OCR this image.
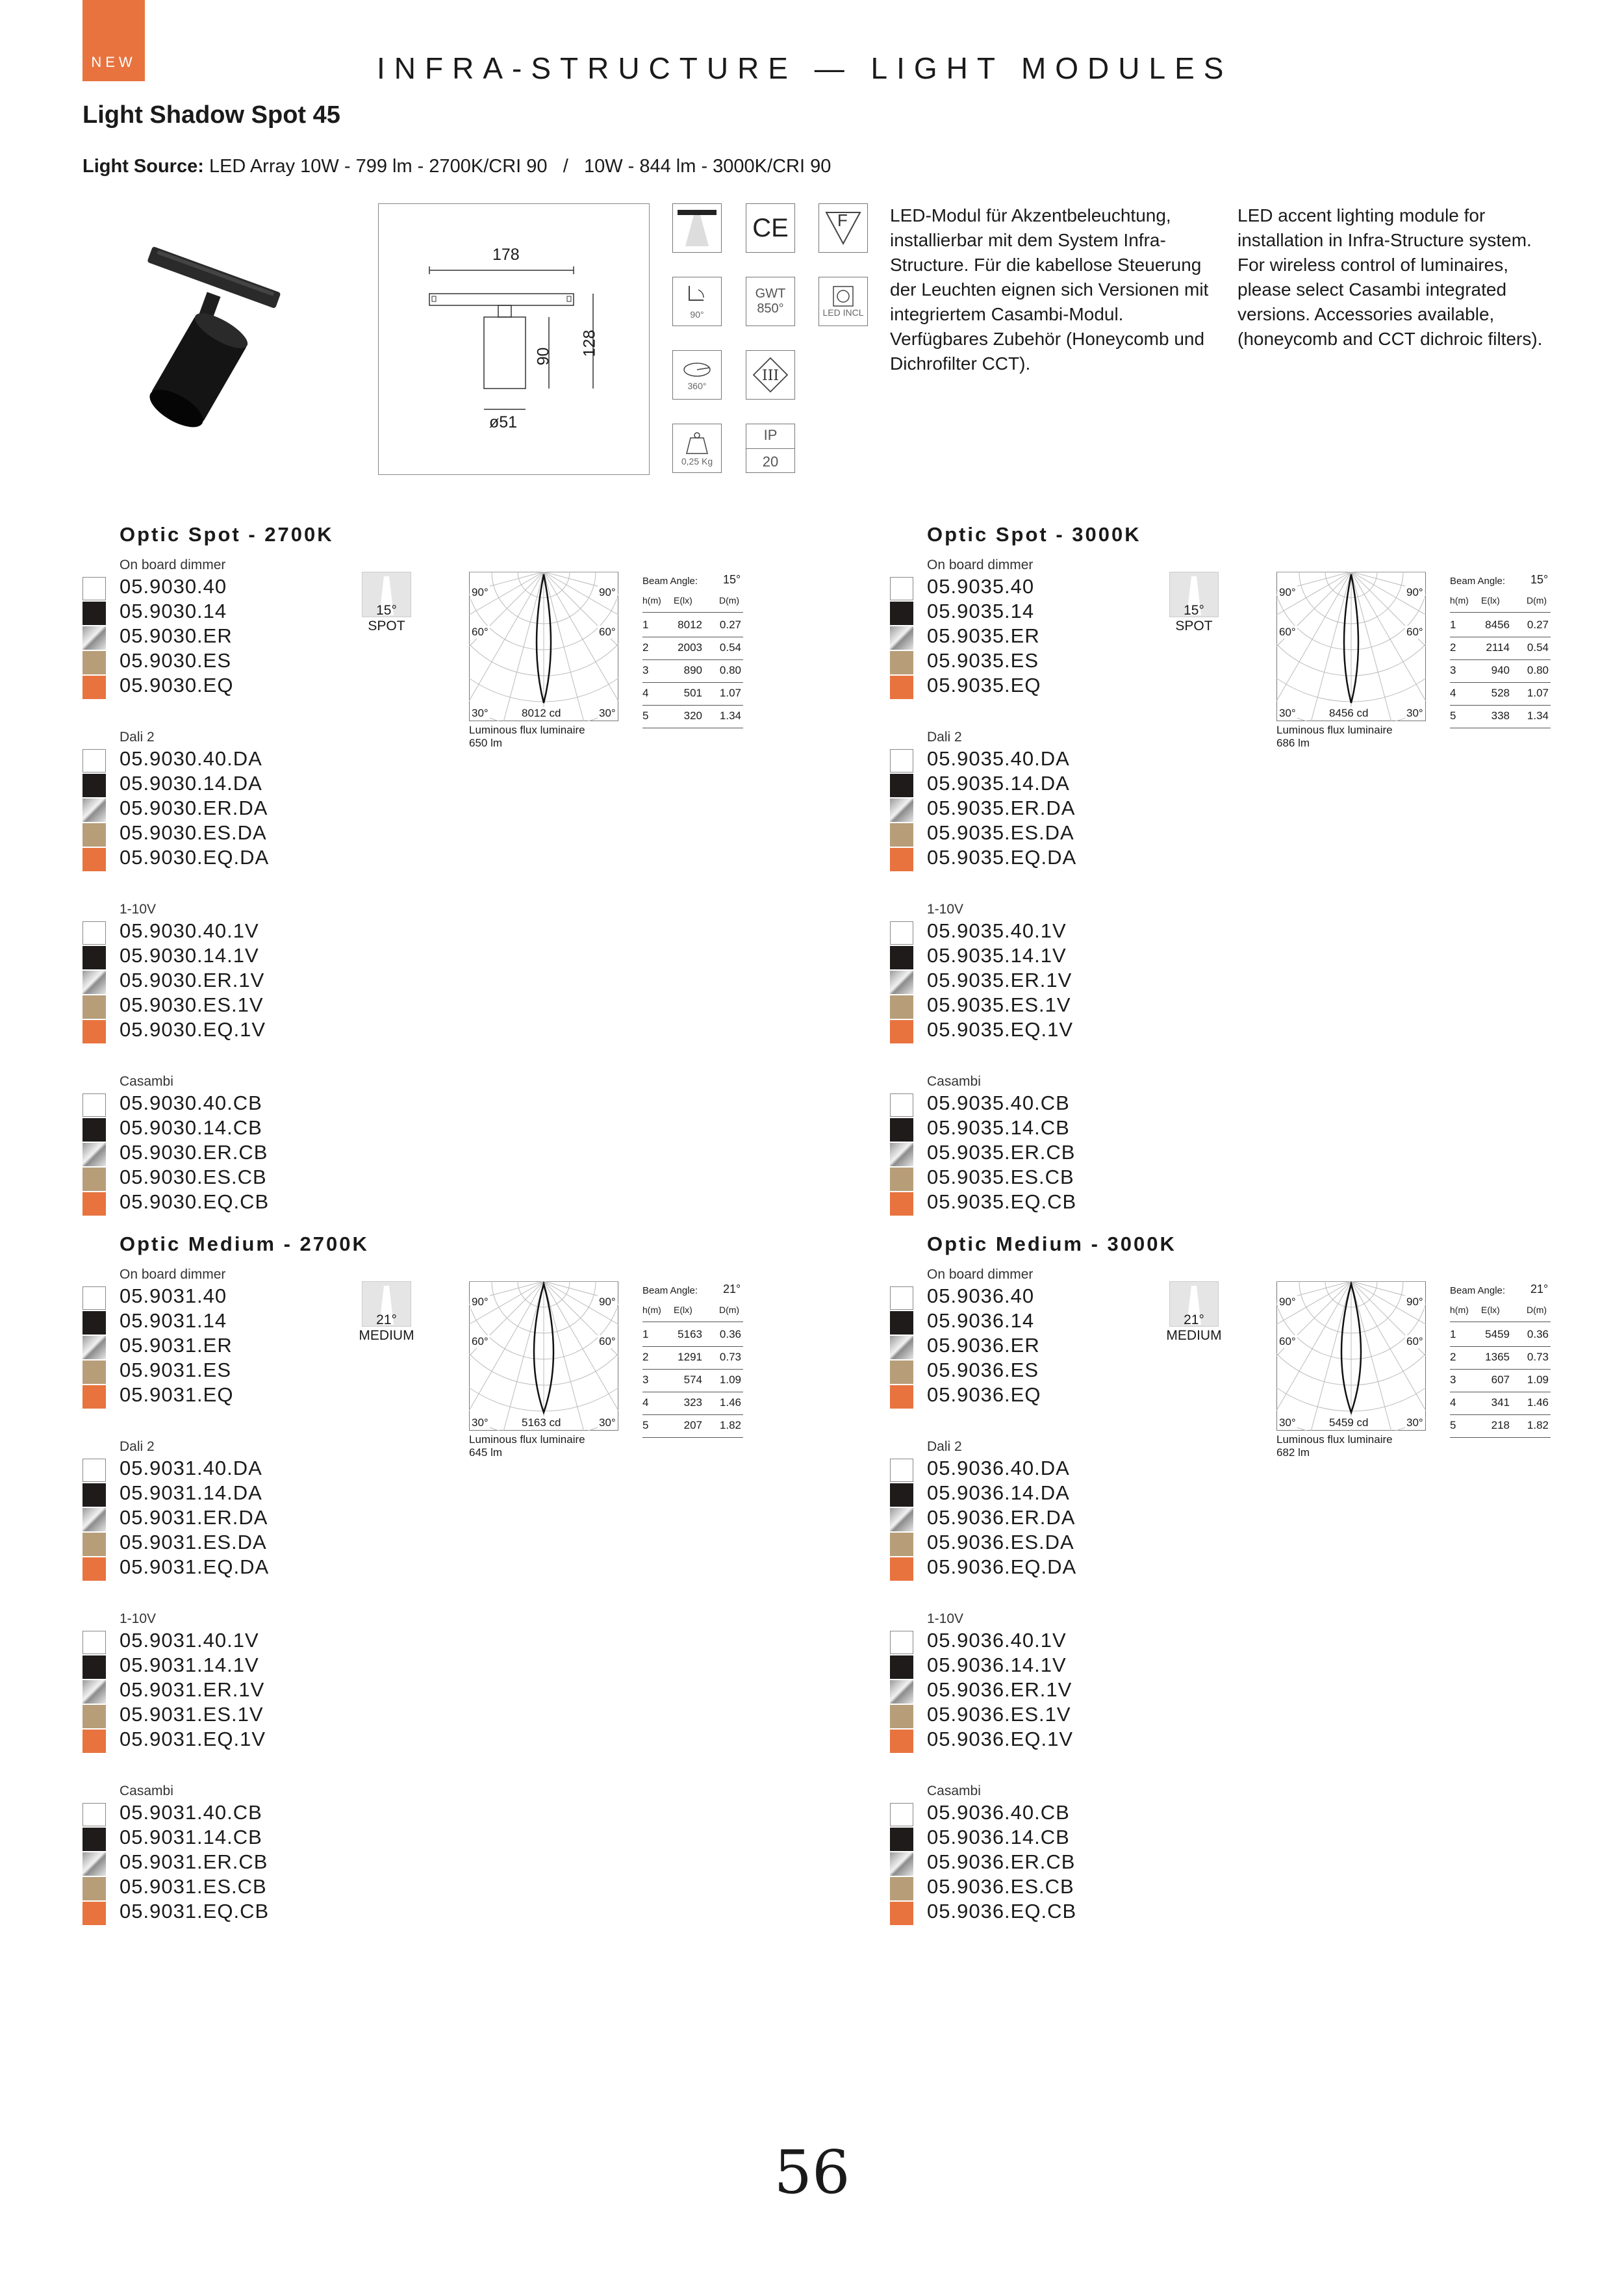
NEW	INFRA-STRUCTURE — LIGHT MODULES
Light Shadow Spot 45
Light Source: LED Array 10W - 799 lm - 2700K/CRI 90   /   10W - 844 lm - 3000K/CRI 90
178
128
90
ø51
CE	F
90°
GWT
850°	LED INCL
360°
III
0,25 Kg
IP
20
LED-Modul für Akzentbeleuchtung, installierbar mit dem System Infra-Structure. Für die kabellose Steuerung der Leuchten eignen sich Versionen mit integriertem Casambi-Modul. Verfügbares Zubehör (Honeycomb und Dichrofilter CCT).
LED accent lighting module for installation in Infra-Structure system. For wireless control of luminaires, please select Casambi integrated versions. Accessories available, (honeycomb and CCT dichroic filters).
Optic Spot - 2700K
On board dimmer
05.9030.40
05.9030.14
05.9030.ER
05.9030.ES
05.9030.EQ
Dali 2
05.9030.40.DA
05.9030.14.DA
05.9030.ER.DA
05.9030.ES.DA
05.9030.EQ.DA
1-10V
05.9030.40.1V
05.9030.14.1V
05.9030.ER.1V
05.9030.ES.1V
05.9030.EQ.1V
Casambi
05.9030.40.CB
05.9030.14.CB
05.9030.ER.CB
05.9030.ES.CB
05.9030.EQ.CB
15°
SPOT
90°	90°
60°	60°
30°	30°
8012 cd
Luminous flux luminaire
650 lm
Beam Angle: 15°
h(m) E(lx)	D(m)
1	8012	0.27
2	2003	0.54
3	890	0.80
4	501	1.07
5	320	1.34
Optic Spot - 3000K
On board dimmer
05.9035.40
05.9035.14
05.9035.ER
05.9035.ES
05.9035.EQ
Dali 2
05.9035.40.DA
05.9035.14.DA
05.9035.ER.DA
05.9035.ES.DA
05.9035.EQ.DA
1-10V
05.9035.40.1V
05.9035.14.1V
05.9035.ER.1V
05.9035.ES.1V
05.9035.EQ.1V
Casambi
05.9035.40.CB
05.9035.14.CB
05.9035.ER.CB
05.9035.ES.CB
05.9035.EQ.CB
15°
SPOT
90°	90°
60°	60°
30°	30°
8456 cd
Luminous flux luminaire
686 lm
Beam Angle: 15°
h(m) E(lx)	D(m)
1	8456	0.27
2	2114	0.54
3	940	0.80
4	528	1.07
5	338	1.34
Optic Medium - 2700K
On board dimmer
05.9031.40
05.9031.14
05.9031.ER
05.9031.ES
05.9031.EQ
Dali 2
05.9031.40.DA
05.9031.14.DA
05.9031.ER.DA
05.9031.ES.DA
05.9031.EQ.DA
1-10V
05.9031.40.1V
05.9031.14.1V
05.9031.ER.1V
05.9031.ES.1V
05.9031.EQ.1V
Casambi
05.9031.40.CB
05.9031.14.CB
05.9031.ER.CB
05.9031.ES.CB
05.9031.EQ.CB
21°
MEDIUM
90°	90°
60°	60°
30°	30°
5163 cd
Luminous flux luminaire
645 lm
Beam Angle: 21°
h(m) E(lx)	D(m)
1	5163	0.36
2	1291	0.73
3	574	1.09
4	323	1.46
5	207	1.82
Optic Medium - 3000K
On board dimmer
05.9036.40
05.9036.14
05.9036.ER
05.9036.ES
05.9036.EQ
Dali 2
05.9036.40.DA
05.9036.14.DA
05.9036.ER.DA
05.9036.ES.DA
05.9036.EQ.DA
1-10V
05.9036.40.1V
05.9036.14.1V
05.9036.ER.1V
05.9036.ES.1V
05.9036.EQ.1V
Casambi
05.9036.40.CB
05.9036.14.CB
05.9036.ER.CB
05.9036.ES.CB
05.9036.EQ.CB
21°
MEDIUM
90°	90°
60°	60°
30°	30°
5459 cd
Luminous flux luminaire
682 lm
Beam Angle: 21°
h(m) E(lx)	D(m)
1	5459	0.36
2	1365	0.73
3	607	1.09
4	341	1.46
5	218	1.82
56
